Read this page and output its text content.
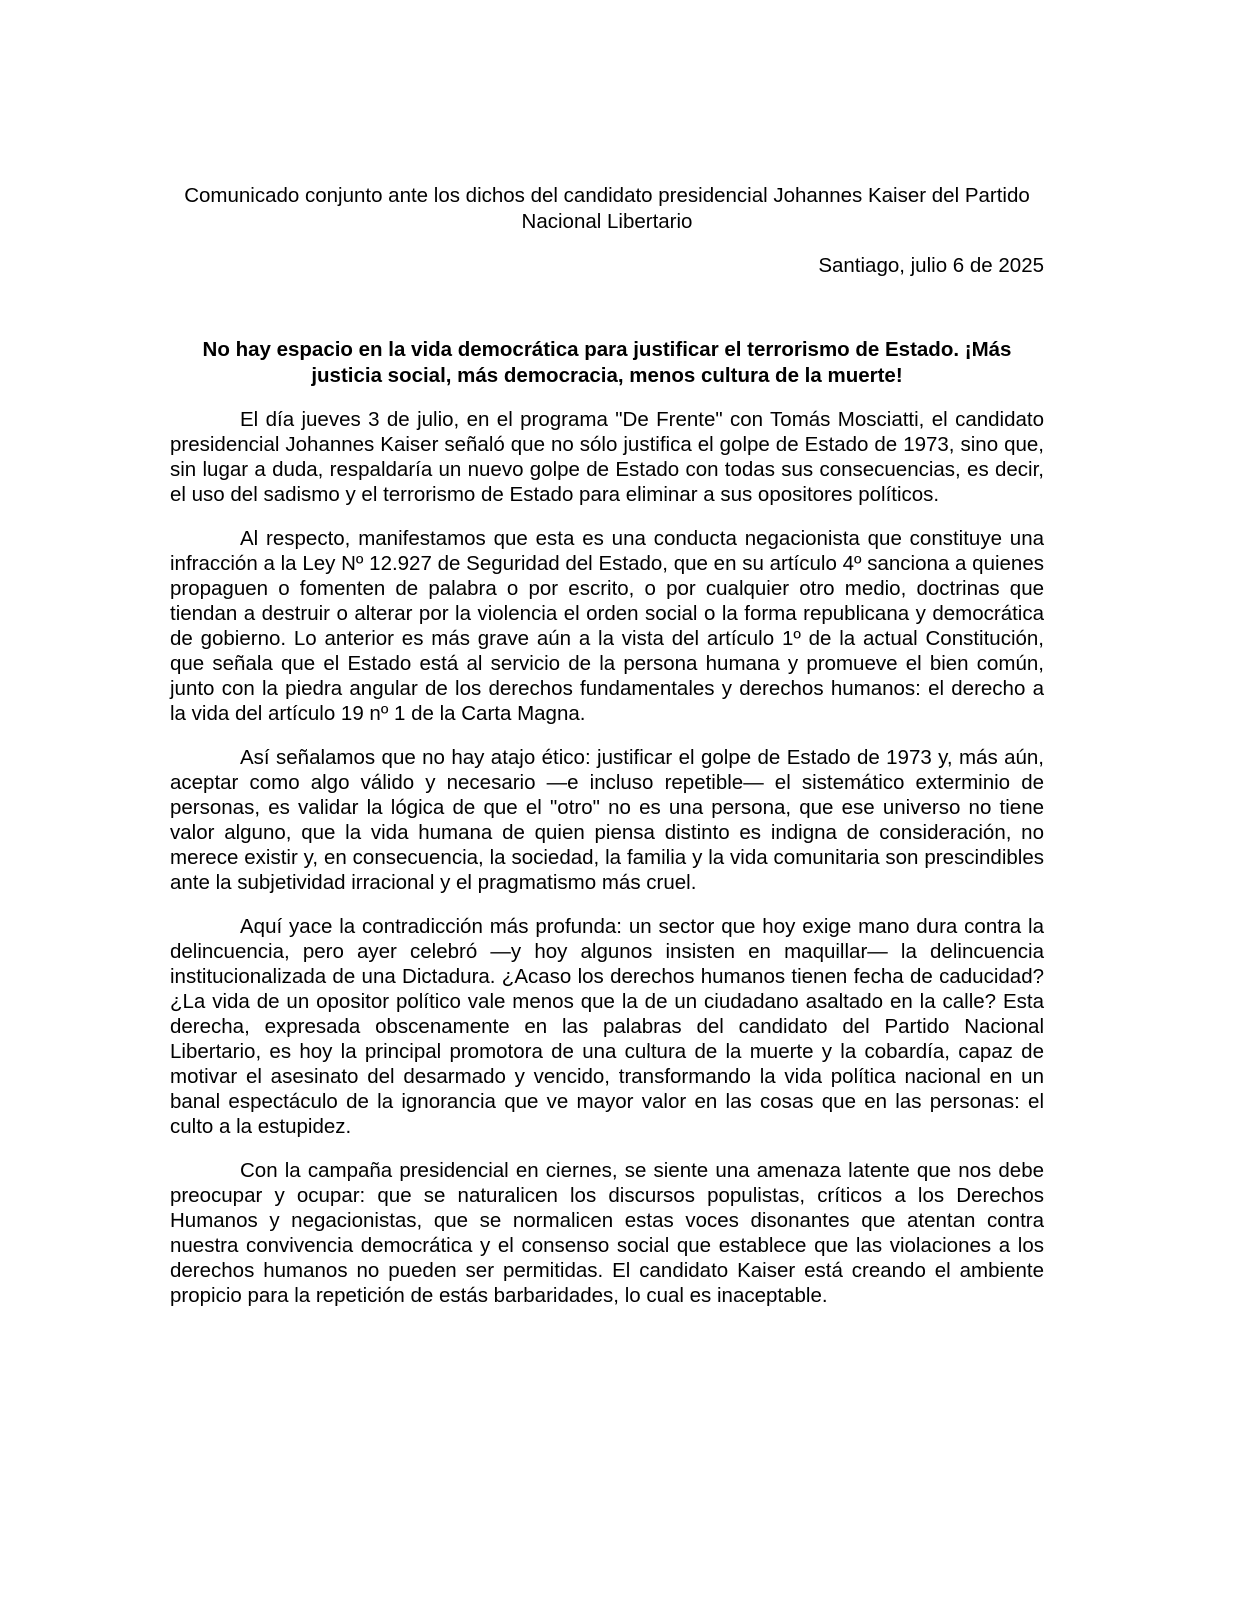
Comunicado conjunto ante los dichos del candidato presidencial Johannes Kaiser del Partido Nacional Libertario

Santiago, julio 6 de 2025

No hay espacio en la vida democrática para justificar el terrorismo de Estado. ¡Más justicia social, más democracia, menos cultura de la muerte!

El día jueves 3 de julio, en el programa "De Frente" con Tomás Mosciatti, el candidato presidencial Johannes Kaiser señaló que no sólo justifica el golpe de Estado de 1973, sino que, sin lugar a duda, respaldaría un nuevo golpe de Estado con todas sus consecuencias, es decir, el uso del sadismo y el terrorismo de Estado para eliminar a sus opositores políticos.

Al respecto, manifestamos que esta es una conducta negacionista que constituye una infracción a la Ley Nº 12.927 de Seguridad del Estado, que en su artículo 4º sanciona a quienes propaguen o fomenten de palabra o por escrito, o por cualquier otro medio, doctrinas que tiendan a destruir o alterar por la violencia el orden social o la forma republicana y democrática de gobierno. Lo anterior es más grave aún a la vista del artículo 1º de la actual Constitución, que señala que el Estado está al servicio de la persona humana y promueve el bien común, junto con la piedra angular de los derechos fundamentales y derechos humanos: el derecho a la vida del artículo 19 nº 1 de la Carta Magna.

Así señalamos que no hay atajo ético: justificar el golpe de Estado de 1973 y, más aún, aceptar como algo válido y necesario —e incluso repetible— el sistemático exterminio de personas, es validar la lógica de que el "otro" no es una persona, que ese universo no tiene valor alguno, que la vida humana de quien piensa distinto es indigna de consideración, no merece existir y, en consecuencia, la sociedad, la familia y la vida comunitaria son prescindibles ante la subjetividad irracional y el pragmatismo más cruel.

Aquí yace la contradicción más profunda: un sector que hoy exige mano dura contra la delincuencia, pero ayer celebró —y hoy algunos insisten en maquillar— la delincuencia institucionalizada de una Dictadura. ¿Acaso los derechos humanos tienen fecha de caducidad? ¿La vida de un opositor político vale menos que la de un ciudadano asaltado en la calle? Esta derecha, expresada obscenamente en las palabras del candidato del Partido Nacional Libertario, es hoy la principal promotora de una cultura de la muerte y la cobardía, capaz de motivar el asesinato del desarmado y vencido, transformando la vida política nacional en un banal espectáculo de la ignorancia que ve mayor valor en las cosas que en las personas: el culto a la estupidez.

Con la campaña presidencial en ciernes, se siente una amenaza latente que nos debe preocupar y ocupar: que se naturalicen los discursos populistas, críticos a los Derechos Humanos y negacionistas, que se normalicen estas voces disonantes que atentan contra nuestra convivencia democrática y el consenso social que establece que las violaciones a los derechos humanos no pueden ser permitidas. El candidato Kaiser está creando el ambiente propicio para la repetición de estás barbaridades, lo cual es inaceptable.
